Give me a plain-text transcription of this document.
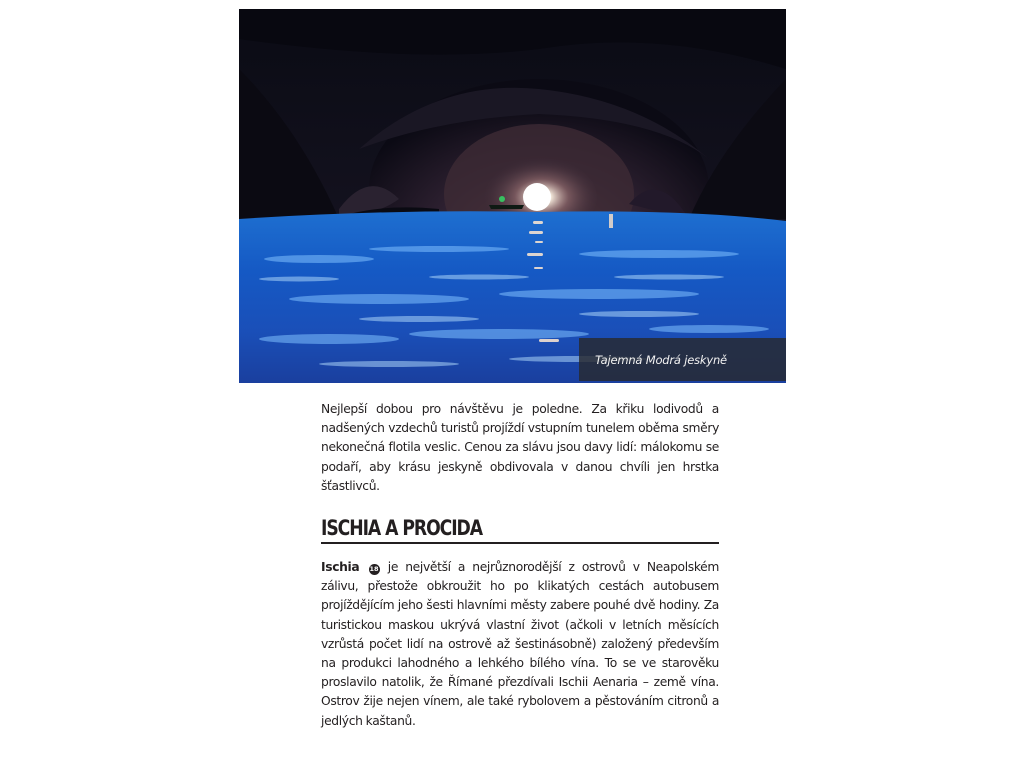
Tajemná Modrá jeskyně

Nejlepší dobou pro návštěvu je poledne. Za křiku lodivodů a nadšených vzdechů turistů projíždí vstupním tunelem oběma směry nekonečná flotila veslic. Cenou za slávu jsou davy lidí: málokomu se podaří, aby krásu jeskyně obdivovala v danou chvíli jen hrstka šťastlivců.

ISCHIA A PROCIDA

Ischia 18 je největší a nejrůznorodější z ostrovů v Neapolském zálivu, přestože obkroužit ho po klikatých cestách autobusem projíždějícím jeho šesti hlavními městy zabere pouhé dvě hodiny. Za turistickou maskou ukrývá vlastní život (ačkoli v letních měsících vzrůstá počet lidí na ostrově až šestinásobně) založený především na produkci lahodného a lehkého bílého vína. To se ve starověku proslavilo natolik, že Římané přezdívali Ischii Aenaria – země vína. Ostrov žije nejen vínem, ale také rybolovem a pěstováním citronů a jedlých kaštanů.
